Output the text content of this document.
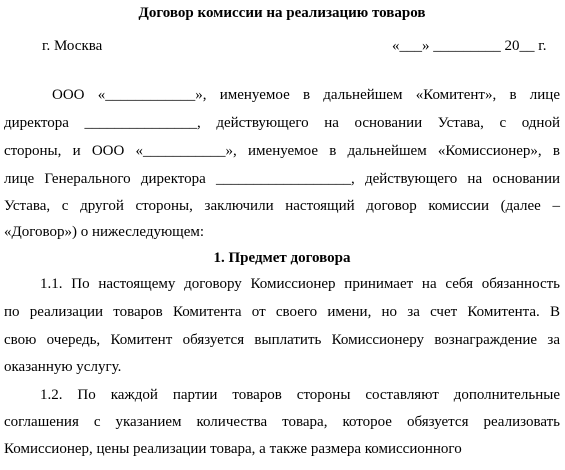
Договор комиссии на реализацию товаров
г. Москва	«___» _________ 20__ г.
ООО «____________», именуемое в дальнейшем «Комитент», в лице
директора _______________, действующего на основании Устава, с одной
стороны, и ООО «___________», именуемое в дальнейшем «Комиссионер», в
лице Генерального директора __________________, действующего на основании
Устава, с другой стороны, заключили настоящий договор комиссии (далее –
«Договор») о нижеследующем:
1. Предмет договора
1.1. По настоящему договору Комиссионер принимает на себя обязанность
по реализации товаров Комитента от своего имени, но за счет Комитента. В
свою очередь, Комитент обязуется выплатить Комиссионеру вознаграждение за
оказанную услугу.
1.2. По каждой партии товаров стороны составляют дополнительные
соглашения с указанием количества товара, которое обязуется реализовать
Комиссионер, цены реализации товара, а также размера комиссионного
